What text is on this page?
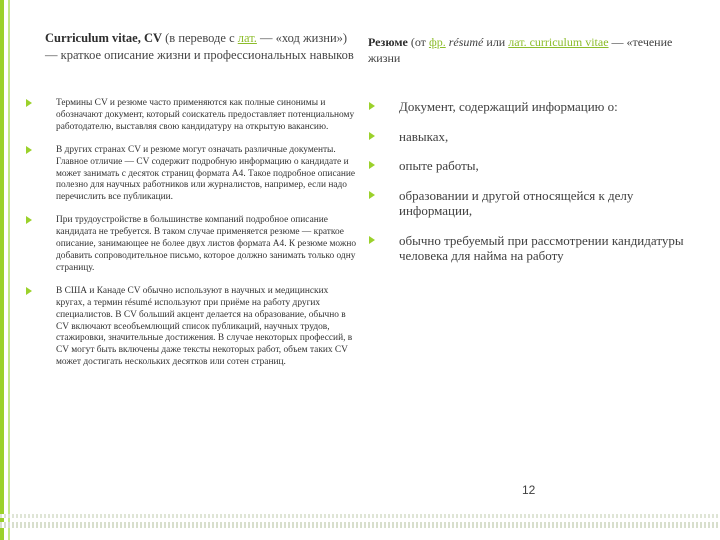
Curriculum vitae, CV (в переводе с лат. — «ход жизни») — краткое описание жизни и профессиональных навыков
Термины CV и резюме часто применяются как полные синонимы и обозначают документ, который соискатель предоставляет потенциальному работодателю, выставляя свою кандидатуру на открытую вакансию.
В других странах CV и резюме могут означать различные документы. Главное отличие — CV содержит подробную информацию о кандидате и может занимать с десяток страниц формата А4. Такое подробное описание полезно для научных работников или журналистов, например, если надо перечислить все публикации.
При трудоустройстве в большинстве компаний подробное описание кандидата не требуется. В таком случае применяется резюме — краткое описание, занимающее не более двух листов формата А4. К резюме можно добавить сопроводительное письмо, которое должно занимать только одну страницу.
В США и Канаде CV обычно используют в научных и медицинских кругах, а термин résumé используют при приёме на работу других специалистов. В CV больший акцент делается на образование, обычно в CV включают всеобъемлющий список публикаций, научных трудов, стажировки, значительные достижения. В случае некоторых профессий, в CV могут быть включены даже тексты некоторых работ, объем таких CV может достигать нескольких десятков или сотен страниц.
Резюме (от фр. résumé или лат. curriculum vitae — «течение жизни
Документ, содержащий информацию о:
навыках,
опыте работы,
образовании и другой относящейся к делу информации,
обычно требуемый при рассмотрении кандидатуры человека для найма на работу
12
